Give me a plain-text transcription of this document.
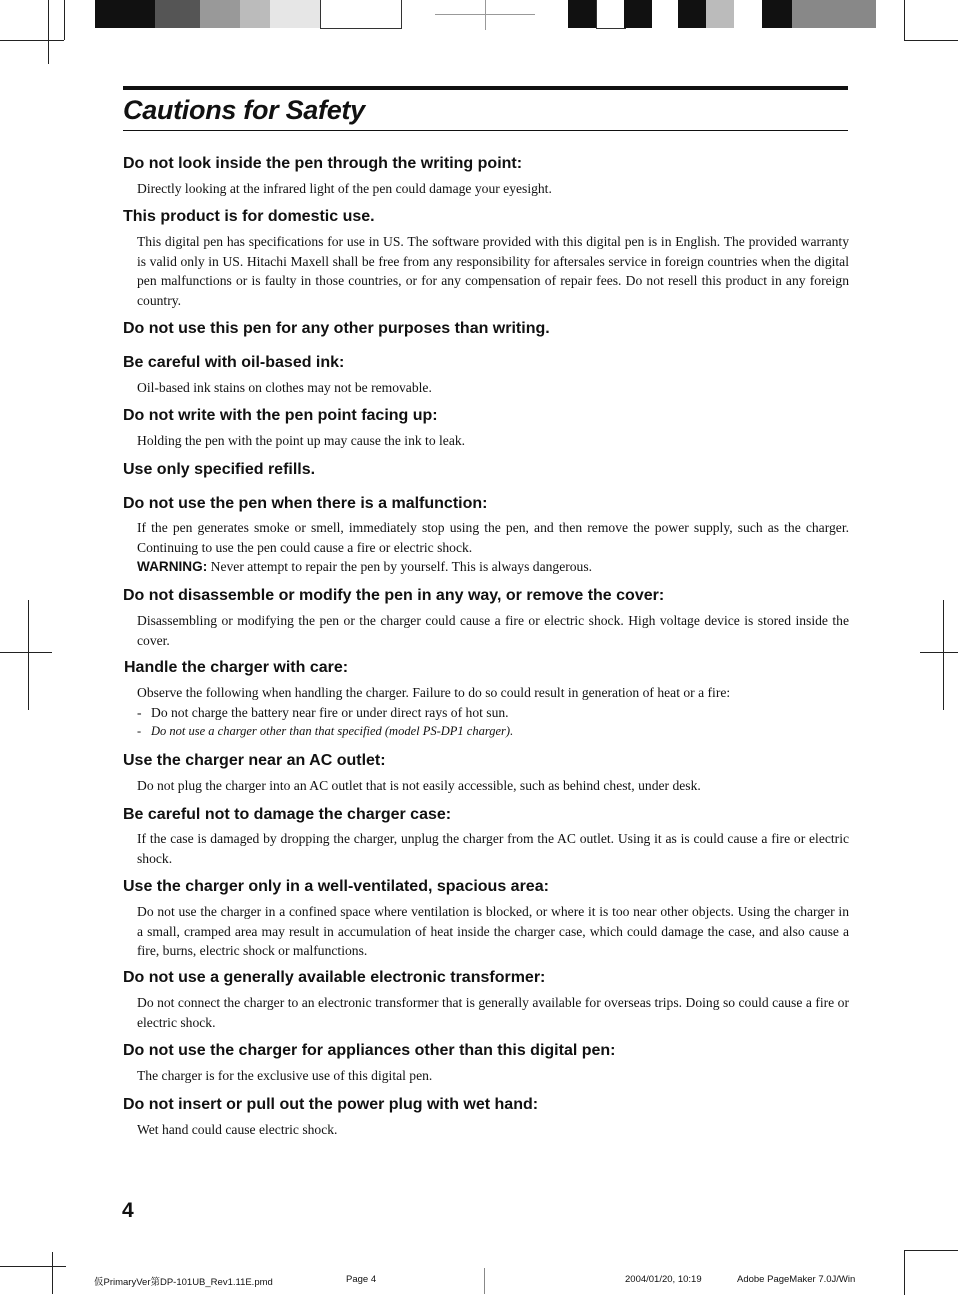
Cautions for Safety
Do not look inside the pen through the writing point:

Directly looking at the infrared light of the pen could damage your eyesight.

This product is for domestic use.

This digital pen has specifications for use in US. The software provided with this digital pen is in English. The provided warranty is valid only in US. Hitachi Maxell shall be free from any responsibility for aftersales service in foreign countries when the digital pen malfunctions or is faulty in those countries, or for any compensation of repair fees. Do not resell this product in any foreign country.

Do not use this pen for any other purposes than writing.
Be careful with oil-based ink:

Oil-based ink stains on clothes may not be removable.

Do not write with the pen point facing up:

Holding the pen with the point up may cause the ink to leak.

Use only specified refills.
Do not use the pen when there is a malfunction:

If the pen generates smoke or smell, immediately stop using the pen, and then remove the power supply, such as the charger. Continuing to use the pen could cause a fire or electric shock.

WARNING: Never attempt to repair the pen by yourself. This is always dangerous.

Do not disassemble or modify the pen in any way, or remove the cover:

Disassembling or modifying the pen or the charger could cause a fire or electric shock. High voltage device is stored inside the cover.

Handle the charger with care:

Observe the following when handling the charger. Failure to do so could result in generation of heat or a fire:

- Do not charge the battery near fire or under direct rays of hot sun.

- Do not use a charger other than that specified (model PS-DP1 charger).

Use the charger near an AC outlet:

Do not plug the charger into an AC outlet that is not easily accessible, such as behind chest, under desk.

Be careful not to damage the charger case:

If the case is damaged by dropping the charger, unplug the charger from the AC outlet. Using it as is could cause a fire or electric shock.

Use the charger only in a well-ventilated, spacious area:

Do not use the charger in a confined space where ventilation is blocked, or where it is too near other objects. Using the charger in a small, cramped area may result in accumulation of heat inside the charger case, which could damage the case, and also cause a fire, burns, electric shock or malfunctions.

Do not use a generally available electronic transformer:

Do not connect the charger to an electronic transformer that is generally available for overseas trips. Doing so could cause a fire or electric shock.

Do not use the charger for appliances other than this digital pen:

The charger is for the exclusive use of this digital pen.

Do not insert or pull out the power plug with wet hand:

Wet hand could cause electric shock.

4

仮PrimaryVer第DP-101UB_Rev1.11E.pmd	Page 4	2004/01/20, 10:19	Adobe PageMaker 7.0J/Win
